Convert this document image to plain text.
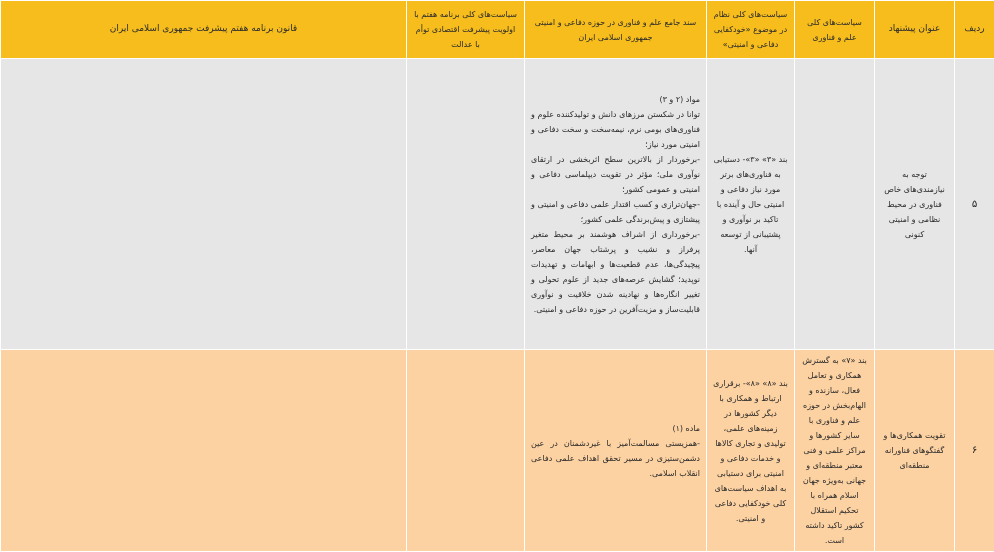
ردیف	عنوان پیشنهاد	سیاست‌های کلی علم و فناوری	سیاست‌های کلی نظام در موضوع «خودکفایی دفاعی و امنیتی»	سند جامع علم و فناوری در حوزه دفاعی و امنیتی جمهوری اسلامی ایران	سیاست‌های کلی برنامه هفتم با اولویت پیشرفت اقتصادی توأم با عدالت	قانون برنامه هفتم پیشرفت جمهوری اسلامی ایران
۵	توجه به نیازمندی‌های خاص فناوری در محیط نظامی و امنیتی کنونی		بند «۳» «۳»- دستیابی به فناوری‌های برتر مورد نیاز دفاعی و امنیتی حال و آینده با تاکید بر نوآوری و پشتیبانی از توسعه آنها.	مواد (۲ و ۳)
توانا در شکستن مرزهای دانش و تولیدکننده علوم و فناوری‌های بومی نرم، نیمه‌سخت و سخت دفاعی و امنیتی مورد نیاز؛
-برخوردار از بالاترین سطح اثربخشی در ارتقای نوآوری ملی؛ مؤثر در تقویت دیپلماسی دفاعی و امنیتی و عمومی کشور؛
-جهان‌ترازی و کسب اقتدار علمی دفاعی و امنیتی و پیشتازی و پیش‌برندگی علمی کشور؛
-برخورداری از اشراف هوشمند بر محیط متغیر پرفراز و نشیب و پرشتاب جهان معاصر، پیچیدگی‌ها، عدم قطعیت‌ها و ابهامات و تهدیدات نوپدید؛ گشایش عرصه‌های جدید از علوم تحولی و تغییر انگاره‌ها و نهادینه شدن خلاقیت و نوآوری قابلیت‌ساز و مزیت‌آفرین در حوزه دفاعی و امنیتی.		

۶	تقویت همکاری‌ها و گفتگوهای فناورانه منطقه‌ای	بند «۷» به گسترش همکاری و تعامل فعال، سازنده و الهام‌بخش در حوزه علم و فناوری با سایر کشورها و مراکز علمی و فنی معتبر منطقه‌ای و جهانی به‌ویژه جهان اسلام همراه با تحکیم استقلال کشور تاکید داشته است.	بند «۸» «۸»- برقراری ارتباط و همکاری با دیگر کشورها در زمینه‌های علمی، تولیدی و تجاری کالاها و خدمات دفاعی و امنیتی برای دستیابی به اهداف سیاست‌های کلی خودکفایی دفاعی و امنیتی.	ماده (۱)
-همزیستی مسالمت‌آمیز با غیردشمنان در عین دشمن‌ستیزی در مسیر تحقق اهداف علمی دفاعی انقلاب اسلامی.		
